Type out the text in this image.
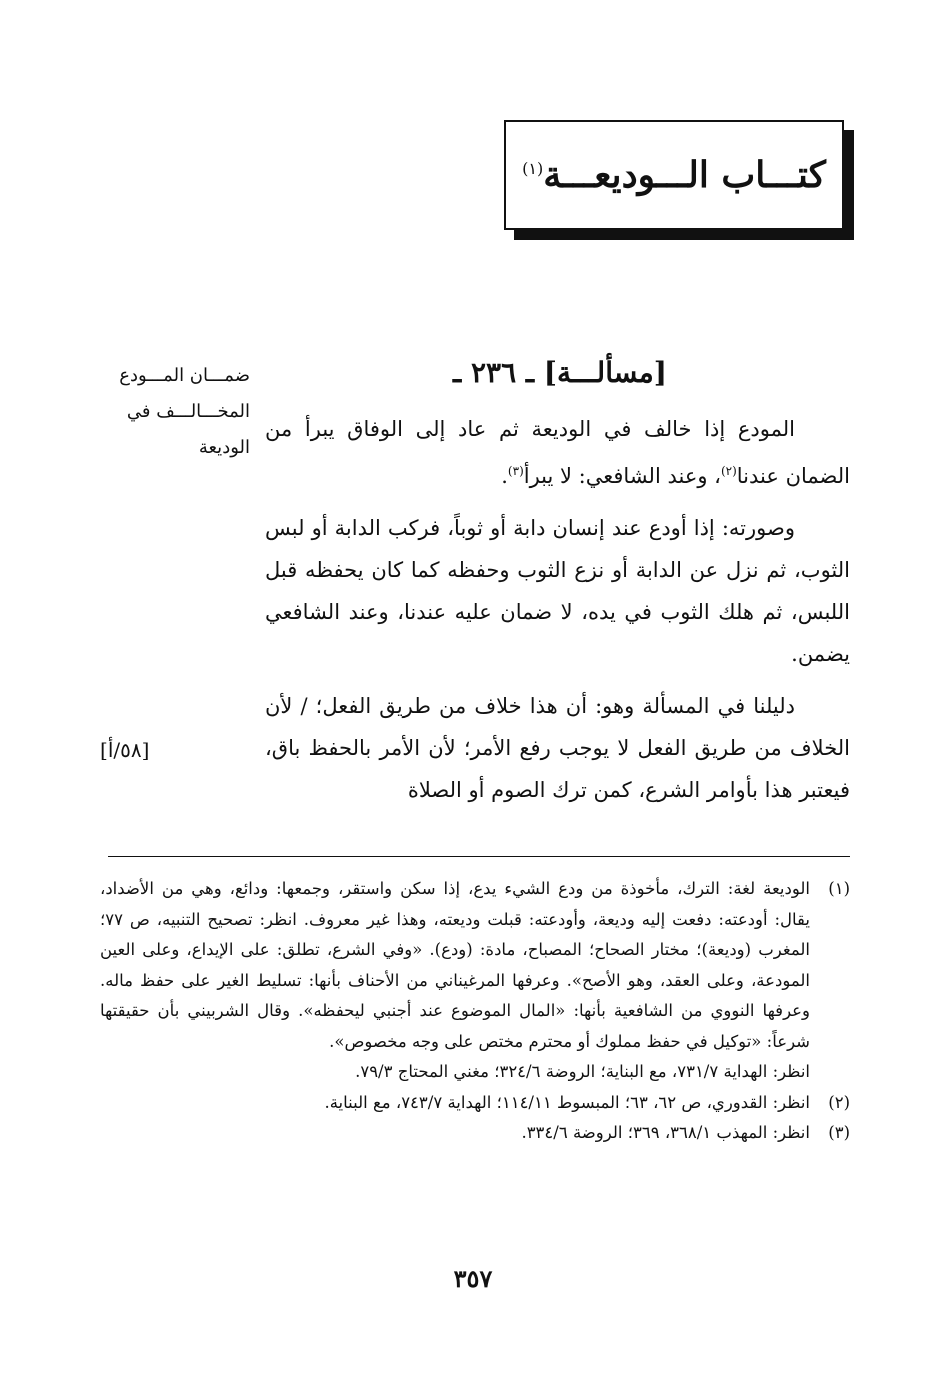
كتـــاب الـــوديعـــة$^{(١)}$
ضمـــان المـــودع
المخـــالـــف في
الوديعة
[٥٨/أ]
[مسألـــة] ـ ٢٣٦ ـ

المودع إذا خالف في الوديعة ثم عاد إلى الوفاق يبرأ من الضمان عندنا$^{(٢)}$، وعند الشافعي: لا يبرأ$^{(٣)}$.

وصورته: إذا أودع عند إنسان دابة أو ثوباً، فركب الدابة أو لبس الثوب، ثم نزل عن الدابة أو نزع الثوب وحفظه كما كان يحفظه قبل اللبس، ثم هلك الثوب في يده، لا ضمان عليه عندنا، وعند الشافعي يضمن.

دليلنا في المسألة وهو: أن هذا خلاف من طريق الفعل؛ / لأن الخلاف من طريق الفعل لا يوجب رفع الأمر؛ لأن الأمر بالحفظ باق، فيعتبر هذا بأوامر الشرع، كمن ترك الصوم أو الصلاة

(١)

الوديعة لغة: الترك، مأخوذة من ودع الشيء يدع، إذا سكن واستقر، وجمعها: ودائع، وهي من الأضداد، يقال: أودعته: دفعت إليه وديعة، وأودعته: قبلت وديعته، وهذا غير معروف. انظر: تصحيح التنبيه، ص ٧٧؛ المغرب (وديعة)؛ مختار الصحاح؛ المصباح، مادة: (ودع). «وفي الشرع، تطلق: على الإيداع، وعلى العين المودعة، وعلى العقد، وهو الأصح». وعرفها المرغيناني من الأحناف بأنها: تسليط الغير على حفظ ماله. وعرفها النووي من الشافعية بأنها: «المال الموضوع عند أجنبي ليحفظه». وقال الشربيني بأن حقيقتها شرعاً: «توكيل في حفظ مملوك أو محترم مختص على وجه مخصوص».

انظر: الهداية ٧٣١/٧، مع البناية؛ الروضة ٣٢٤/٦؛ مغني المحتاج ٧٩/٣.

(٢)

انظر: القدوري، ص ٦٢، ٦٣؛ المبسوط ١١٤/١١؛ الهداية ٧٤٣/٧، مع البناية.

(٣)

انظر: المهذب ٣٦٨/١، ٣٦٩؛ الروضة ٣٣٤/٦.

٣٥٧
